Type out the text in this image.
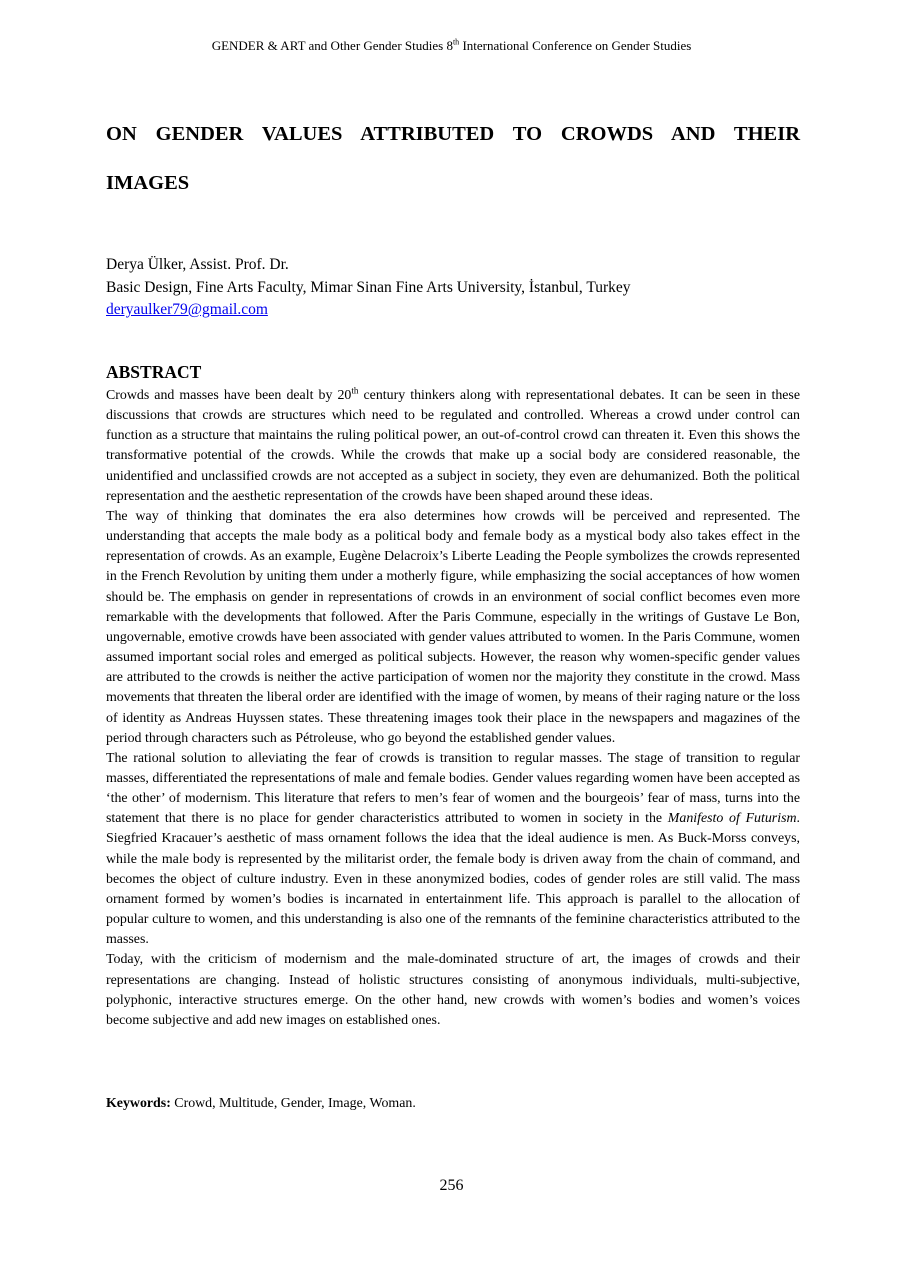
GENDER & ART and Other Gender Studies 8th International Conference on Gender Studies
ON GENDER VALUES ATTRIBUTED TO CROWDS AND THEIR
IMAGES
Derya Ülker, Assist. Prof. Dr.
Basic Design, Fine Arts Faculty, Mimar Sinan Fine Arts University, İstanbul, Turkey
deryaulker79@gmail.com
ABSTRACT

Crowds and masses have been dealt by 20th century thinkers along with representational debates. It can be seen in these discussions that crowds are structures which need to be regulated and controlled. Whereas a crowd under control can function as a structure that maintains the ruling political power, an out-of-control crowd can threaten it. Even this shows the transformative potential of the crowds. While the crowds that make up a social body are considered reasonable, the unidentified and unclassified crowds are not accepted as a subject in society, they even are dehumanized. Both the political representation and the aesthetic representation of the crowds have been shaped around these ideas.

The way of thinking that dominates the era also determines how crowds will be perceived and represented. The understanding that accepts the male body as a political body and female body as a mystical body also takes effect in the representation of crowds. As an example, Eugène Delacroix’s Liberte Leading the People symbolizes the crowds represented in the French Revolution by uniting them under a motherly figure, while emphasizing the social acceptances of how women should be. The emphasis on gender in representations of crowds in an environment of social conflict becomes even more remarkable with the developments that followed. After the Paris Commune, especially in the writings of Gustave Le Bon, ungovernable, emotive crowds have been associated with gender values attributed to women. In the Paris Commune, women assumed important social roles and emerged as political subjects. However, the reason why women-specific gender values are attributed to the crowds is neither the active participation of women nor the majority they constitute in the crowd. Mass movements that threaten the liberal order are identified with the image of women, by means of their raging nature or the loss of identity as Andreas Huyssen states. These threatening images took their place in the newspapers and magazines of the period through characters such as Pétroleuse, who go beyond the established gender values.

The rational solution to alleviating the fear of crowds is transition to regular masses. The stage of transition to regular masses, differentiated the representations of male and female bodies. Gender values regarding women have been accepted as ‘the other’ of modernism. This literature that refers to men’s fear of women and the bourgeois’ fear of mass, turns into the statement that there is no place for gender characteristics attributed to women in society in the Manifesto of Futurism. Siegfried Kracauer’s aesthetic of mass ornament follows the idea that the ideal audience is men. As Buck-Morss conveys, while the male body is represented by the militarist order, the female body is driven away from the chain of command, and becomes the object of culture industry. Even in these anonymized bodies, codes of gender roles are still valid. The mass ornament formed by women’s bodies is incarnated in entertainment life. This approach is parallel to the allocation of popular culture to women, and this understanding is also one of the remnants of the feminine characteristics attributed to the masses.

Today, with the criticism of modernism and the male-dominated structure of art, the images of crowds and their representations are changing. Instead of holistic structures consisting of anonymous individuals, multi-subjective, polyphonic, interactive structures emerge. On the other hand, new crowds with women’s bodies and women’s voices become subjective and add new images on established ones.

Keywords: Crowd, Multitude, Gender, Image, Woman.
256
